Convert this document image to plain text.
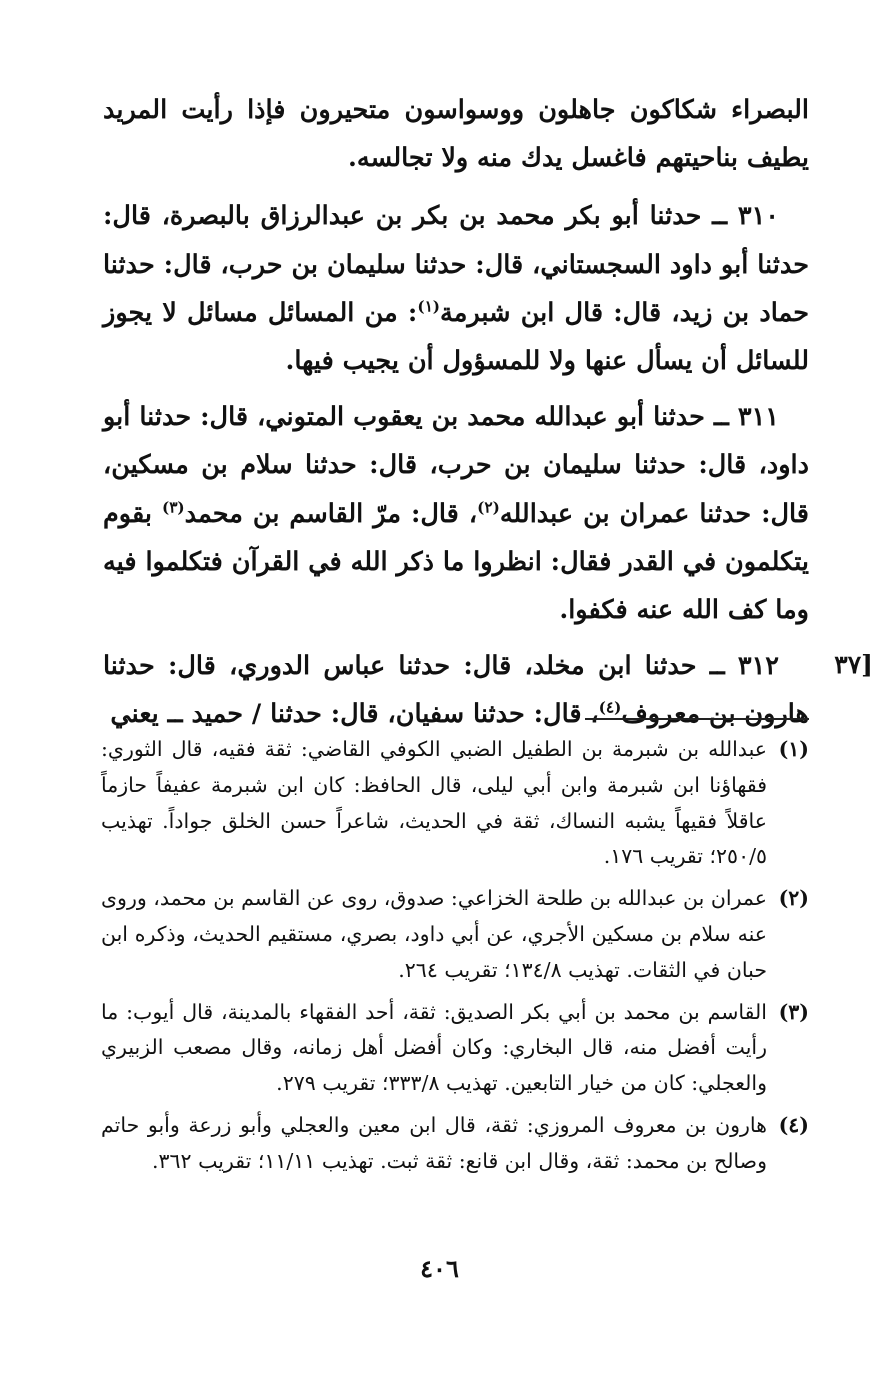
البصراء شكاكون جاهلون ووسواسون متحيرون فإذا رأيت المريد يطيف بناحيتهم فاغسل يدك منه ولا تجالسه.

٣١٠ ــ حدثنا أبو بكر محمد بن بكر بن عبدالرزاق بالبصرة، قال: حدثنا أبو داود السجستاني، قال: حدثنا سليمان بن حرب، قال: حدثنا حماد بن زيد، قال: قال ابن شبرمة$^{(١)}$: من المسائل مسائل لا يجوز للسائل أن يسأل عنها ولا للمسؤول أن يجيب فيها.

٣١١ ــ حدثنا أبو عبدالله محمد بن يعقوب المتوني، قال: حدثنا أبو داود، قال: حدثنا سليمان بن حرب، قال: حدثنا سلام بن مسكين، قال: حدثنا عمران بن عبدالله$^{(٢)}$، قال: مرّ القاسم بن محمد$^{(٣)}$ بقوم يتكلمون في القدر فقال: انظروا ما ذكر الله في القرآن فتكلموا فيه وما كف الله عنه فكفوا.

٣١٢ ــ حدثنا ابن مخلد، قال: حدثنا عباس الدوري، قال: حدثنا هارون بن معروف$^{(٤)}$، قال: حدثنا سفيان، قال: حدثنا / حميد ــ يعني

[٣٧
(١)
عبدالله بن شبرمة بن الطفيل الضبي الكوفي القاضي: ثقة فقيه، قال الثوري: فقهاؤنا ابن شبرمة وابن أبي ليلى، قال الحافظ: كان ابن شبرمة عفيفاً حازماً عاقلاً فقيهاً يشبه النساك، ثقة في الحديث، شاعراً حسن الخلق جواداً. تهذيب ٢٥٠/٥؛ تقريب ١٧٦.
(٢)
عمران بن عبدالله بن طلحة الخزاعي: صدوق، روى عن القاسم بن محمد، وروى عنه سلام بن مسكين الأجري، عن أبي داود، بصري، مستقيم الحديث، وذكره ابن حبان في الثقات. تهذيب ١٣٤/٨؛ تقريب ٢٦٤.
(٣)
القاسم بن محمد بن أبي بكر الصديق: ثقة، أحد الفقهاء بالمدينة، قال أيوب: ما رأيت أفضل منه، قال البخاري: وكان أفضل أهل زمانه، وقال مصعب الزبيري والعجلي: كان من خيار التابعين. تهذيب ٣٣٣/٨؛ تقريب ٢٧٩.
(٤)
هارون بن معروف المروزي: ثقة، قال ابن معين والعجلي وأبو زرعة وأبو حاتم وصالح بن محمد: ثقة، وقال ابن قانع: ثقة ثبت. تهذيب ١١/١١؛ تقريب ٣٦٢.
٤٠٦
